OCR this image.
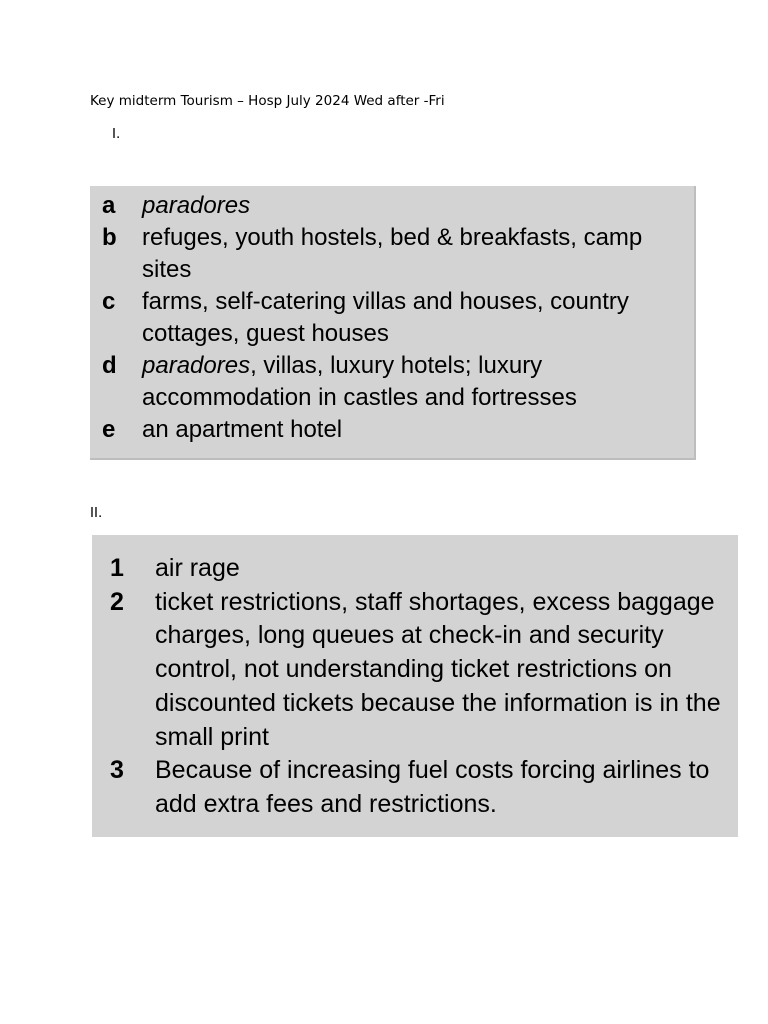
Key midterm Tourism – Hosp July 2024 Wed after -Fri
I.
a	paradores
b	refuges, youth hostels, bed & breakfasts, camp sites
c	farms, self-catering villas and houses, country cottages, guest houses
d	paradores, villas, luxury hotels; luxury accommodation in castles and fortresses
e	an apartment hotel
II.
1	air rage
2	ticket restrictions, staff shortages, excess baggage charges, long queues at check-in and security control, not understanding ticket restrictions on discounted tickets because the information is in the small print
3	Because of increasing fuel costs forcing airlines to add extra fees and restrictions.
